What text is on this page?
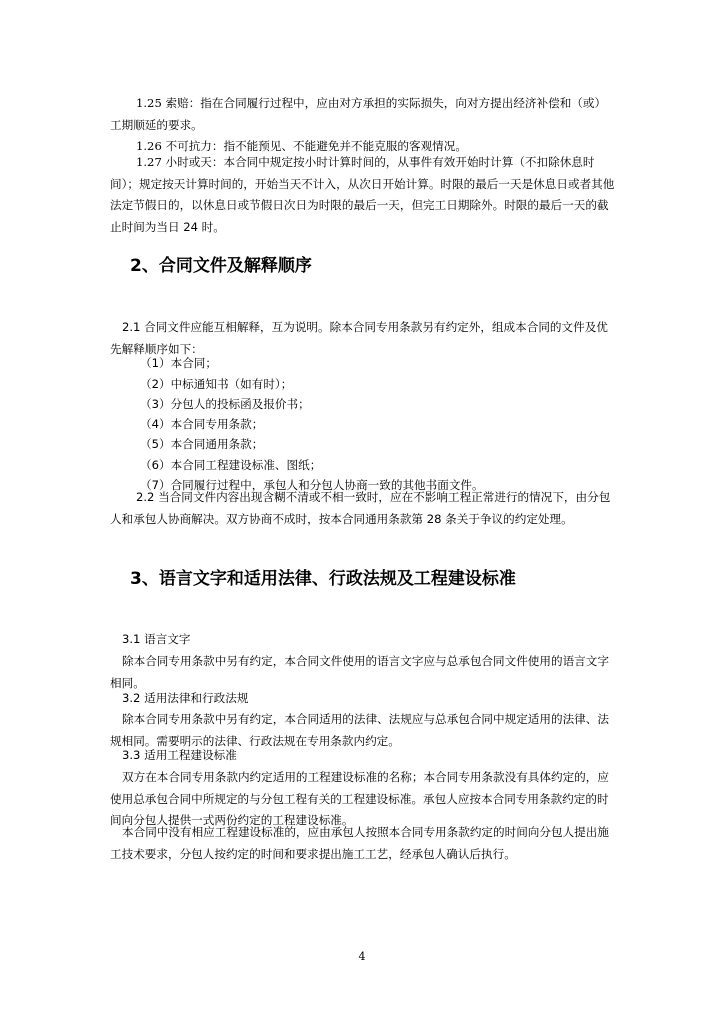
1.25 索赔：指在合同履行过程中，应由对方承担的实际损失，向对方提出经济补偿和（或）工期顺延的要求。

1.26 不可抗力：指不能预见、不能避免并不能克服的客观情况。

1.27 小时或天：本合同中规定按小时计算时间的，从事件有效开始时计算（不扣除休息时间）；规定按天计算时间的，开始当天不计入，从次日开始计算。时限的最后一天是休息日或者其他法定节假日的，以休息日或节假日次日为时限的最后一天，但完工日期除外。时限的最后一天的截止时间为当日 24 时。

2、合同文件及解释顺序

2.1 合同文件应能互相解释，互为说明。除本合同专用条款另有约定外，组成本合同的文件及优先解释顺序如下：

（1）本合同；

（2）中标通知书（如有时）；

（3）分包人的投标函及报价书；

（4）本合同专用条款；

（5）本合同通用条款；

（6）本合同工程建设标准、图纸；

（7）合同履行过程中，承包人和分包人协商一致的其他书面文件。

2.2 当合同文件内容出现含糊不清或不相一致时，应在不影响工程正常进行的情况下，由分包人和承包人协商解决。双方协商不成时，按本合同通用条款第 28 条关于争议的约定处理。

3、语言文字和适用法律、行政法规及工程建设标准

3.1 语言文字

除本合同专用条款中另有约定，本合同文件使用的语言文字应与总承包合同文件使用的语言文字相同。

3.2 适用法律和行政法规

除本合同专用条款中另有约定，本合同适用的法律、法规应与总承包合同中规定适用的法律、法规相同。需要明示的法律、行政法规在专用条款内约定。

3.3 适用工程建设标准

双方在本合同专用条款内约定适用的工程建设标准的名称；本合同专用条款没有具体约定的，应使用总承包合同中所规定的与分包工程有关的工程建设标准。承包人应按本合同专用条款约定的时间向分包人提供一式两份约定的工程建设标准。

本合同中没有相应工程建设标准的，应由承包人按照本合同专用条款约定的时间向分包人提出施工技术要求，分包人按约定的时间和要求提出施工工艺，经承包人确认后执行。

4
